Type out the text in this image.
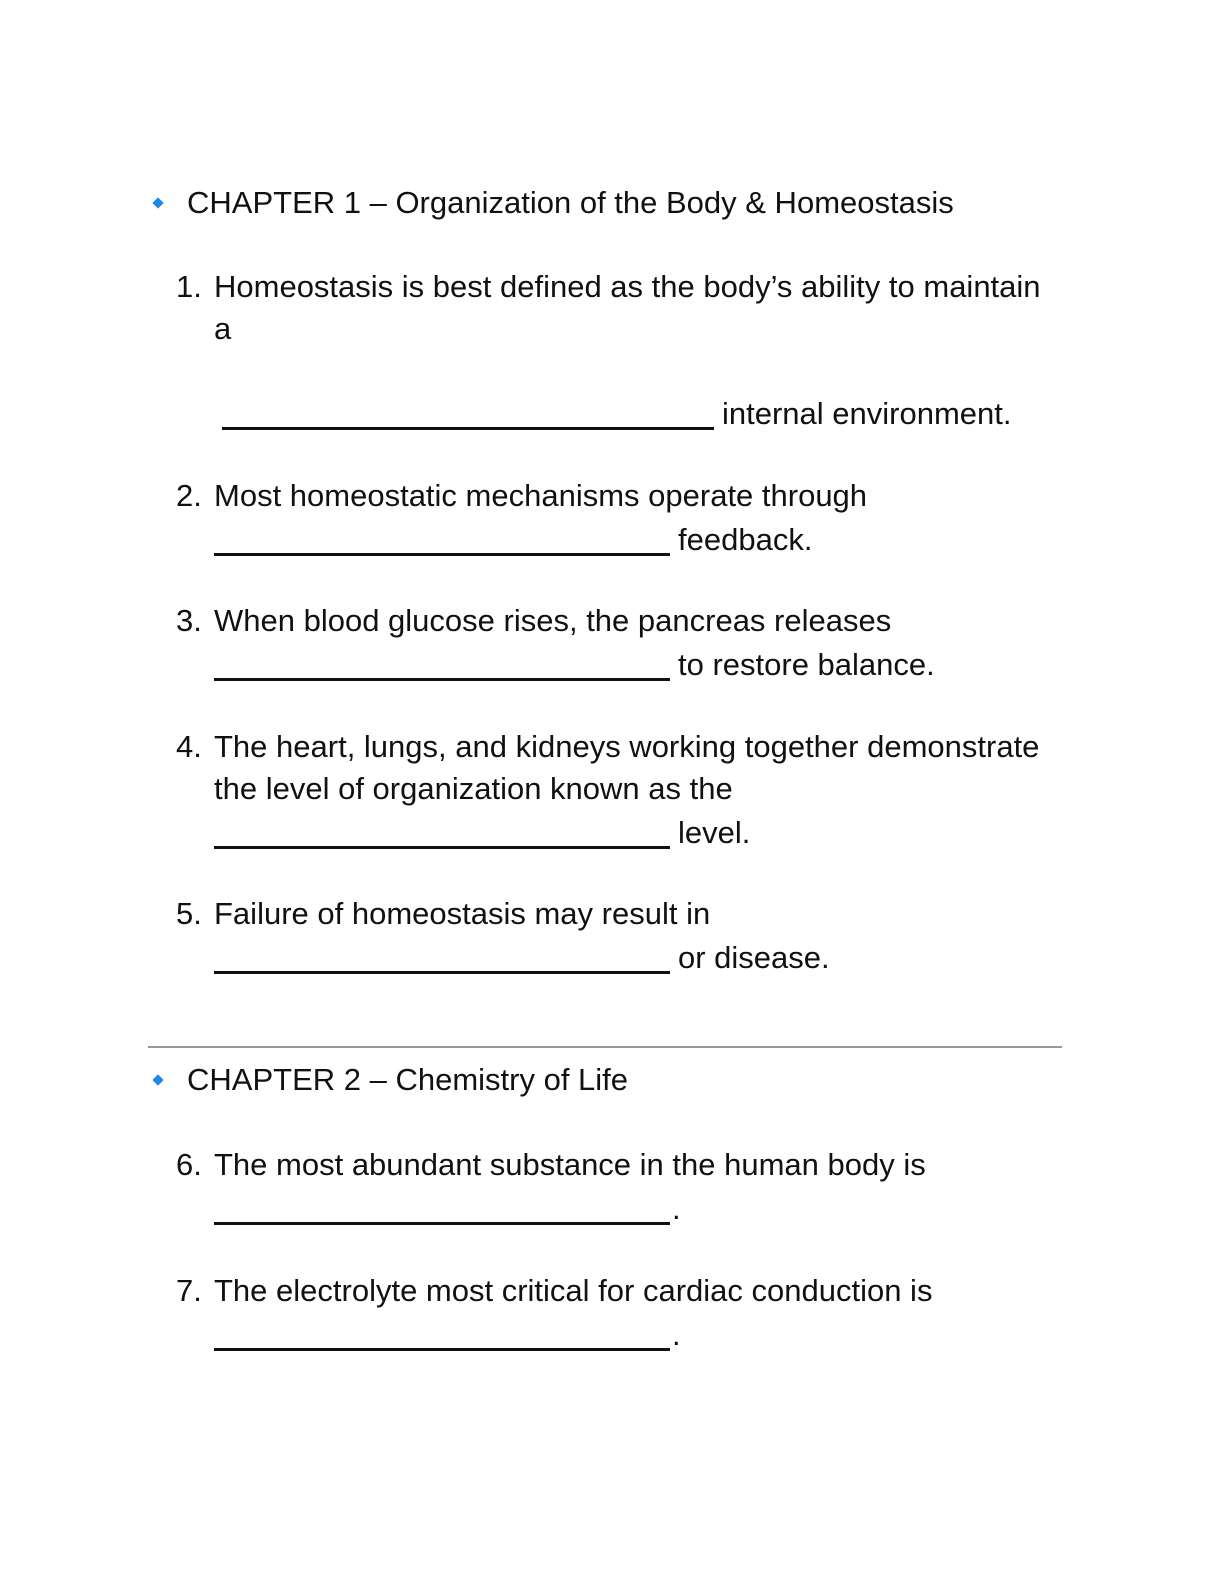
CHAPTER 1 – Organization of the Body & Homeostasis
1. Homeostasis is best defined as the body’s ability to maintain
a
internal environment.
2. Most homeostatic mechanisms operate through
feedback.
3. When blood glucose rises, the pancreas releases
to restore balance.
4. The heart, lungs, and kidneys working together demonstrate
the level of organization known as the
level.
5. Failure of homeostasis may result in
or disease.
CHAPTER 2 – Chemistry of Life
6. The most abundant substance in the human body is
.
7. The electrolyte most critical for cardiac conduction is
.
